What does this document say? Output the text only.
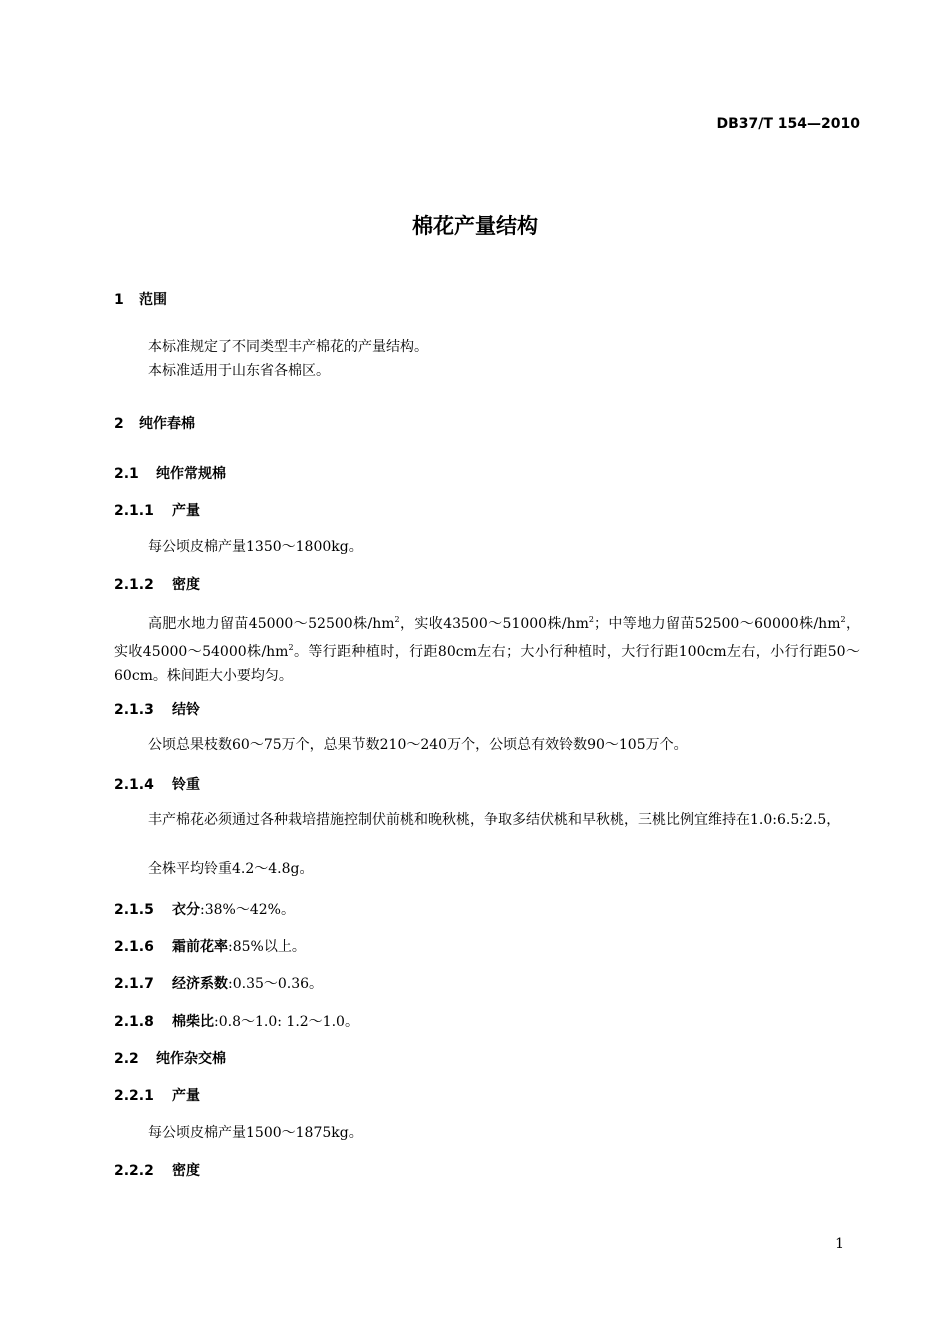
DB37/T 154—2010
棉花产量结构
1 范围
本标准规定了不同类型丰产棉花的产量结构。
本标准适用于山东省各棉区。
2 纯作春棉
2.1 纯作常规棉
2.1.1 产量
每公顷皮棉产量1350～1800kg。
2.1.2 密度
高肥水地力留苗45000～52500株$/hm^2$，实收43500～51000株$/hm^2$；中等地力留苗52500～60000株$/hm^2$，实收45000～54000株$/hm^2$。等行距种植时，行距80cm左右；大小行种植时，大行行距100cm左右，小行行距50～60cm。株间距大小要均匀。
2.1.3 结铃
公顷总果枝数60～75万个，总果节数210～240万个，公顷总有效铃数90～105万个。
2.1.4 铃重
丰产棉花必须通过各种栽培措施控制伏前桃和晚秋桃，争取多结伏桃和早秋桃，三桃比例宜维持在1.0:6.5:2.5，
全株平均铃重4.2～4.8g。
2.1.5 衣分:38%～42%。
2.1.6 霜前花率:85%以上。
2.1.7 经济系数:0.35～0.36。
2.1.8 棉柴比:0.8～1.0: 1.2～1.0。
2.2 纯作杂交棉
2.2.1 产量
每公顷皮棉产量1500～1875kg。
2.2.2 密度
1
